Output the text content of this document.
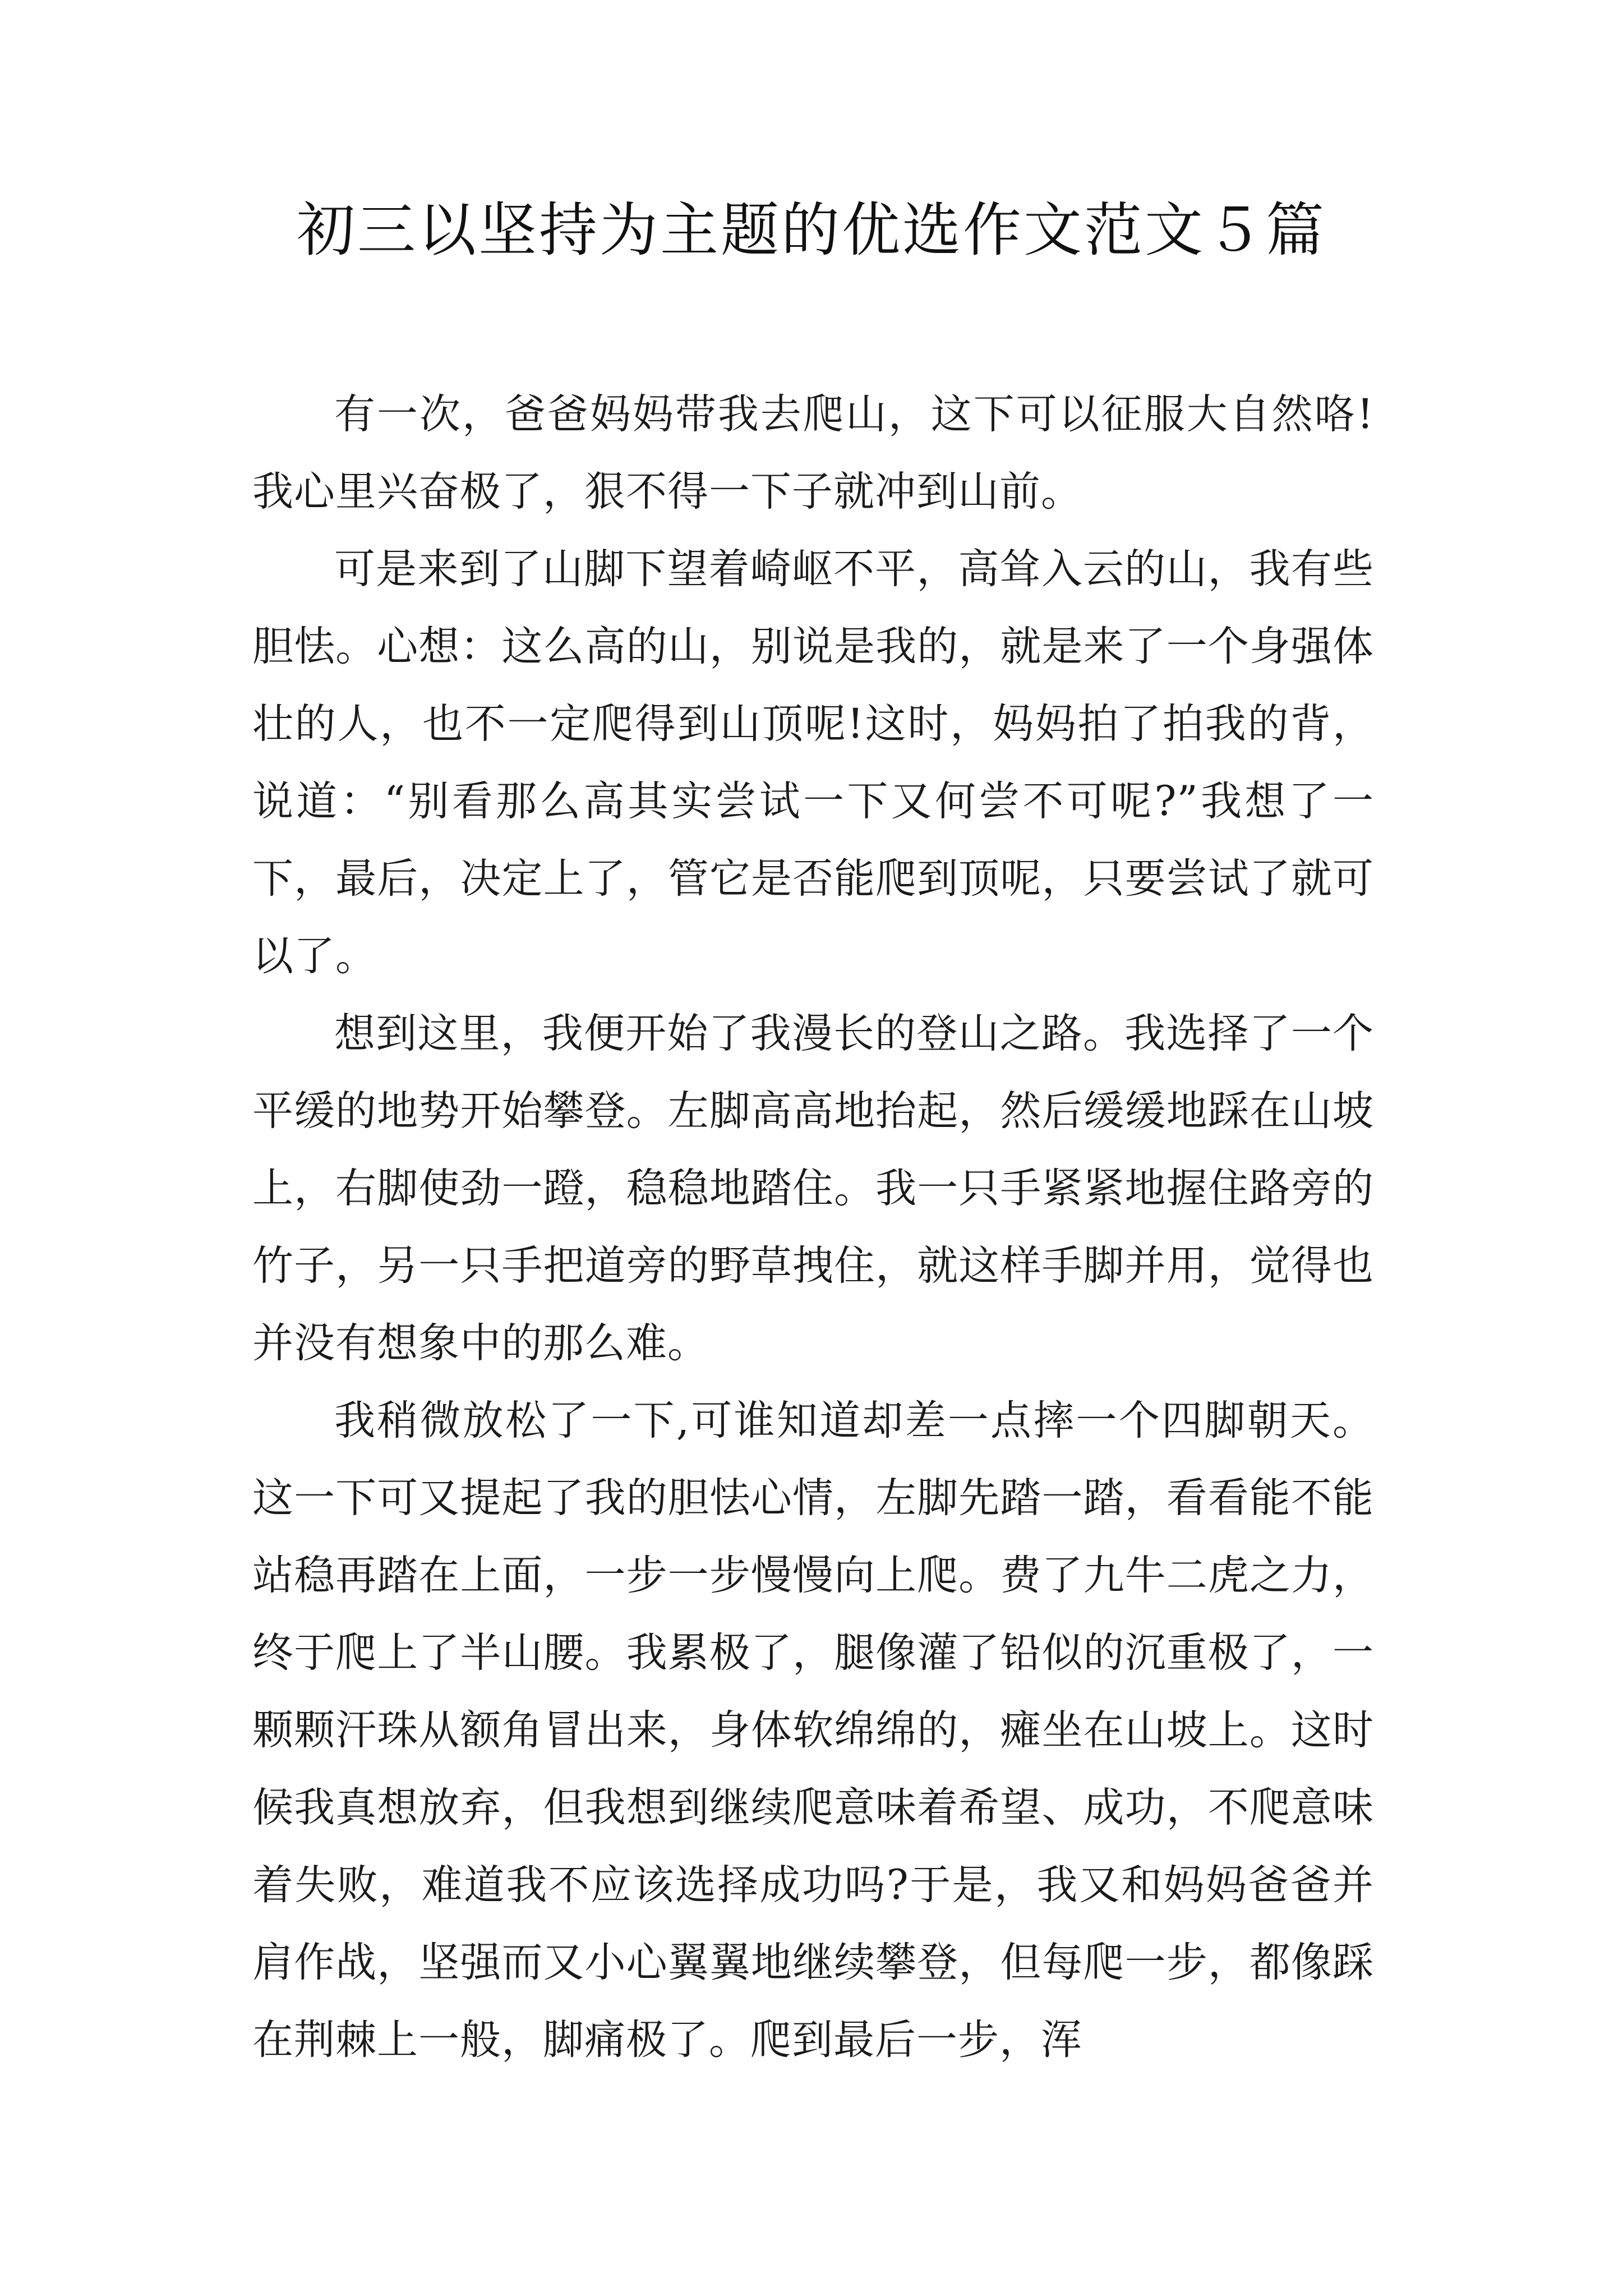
初三以坚持为主题的优选作文范文５篇

有一次，爸爸妈妈带我去爬山，这下可以征服大自然咯!我心里兴奋极了，狠不得一下子就冲到山前。

可是来到了山脚下望着崎岖不平，高耸入云的山，我有些胆怯。心想：这么高的山，别说是我的，就是来了一个身强体壮的人，也不一定爬得到山顶呢!这时，妈妈拍了拍我的背，说道：“别看那么高其实尝试一下又何尝不可呢?”我想了一下，最后，决定上了，管它是否能爬到顶呢，只要尝试了就可以了。

想到这里，我便开始了我漫长的登山之路。我选择了一个平缓的地势开始攀登。左脚高高地抬起，然后缓缓地踩在山坡上，右脚使劲一蹬，稳稳地踏住。我一只手紧紧地握住路旁的竹子，另一只手把道旁的野草拽住，就这样手脚并用，觉得也并没有想象中的那么难。

我稍微放松了一下,可谁知道却差一点摔一个四脚朝天。这一下可又提起了我的胆怯心情，左脚先踏一踏，看看能不能站稳再踏在上面，一步一步慢慢向上爬。费了九牛二虎之力，终于爬上了半山腰。我累极了，腿像灌了铅似的沉重极了，一颗颗汗珠从额角冒出来，身体软绵绵的，瘫坐在山坡上。这时候我真想放弃，但我想到继续爬意味着希望、成功，不爬意味着失败，难道我不应该选择成功吗?于是，我又和妈妈爸爸并肩作战，坚强而又小心翼翼地继续攀登，但每爬一步，都像踩在荆棘上一般，脚痛极了。爬到最后一步，浑
